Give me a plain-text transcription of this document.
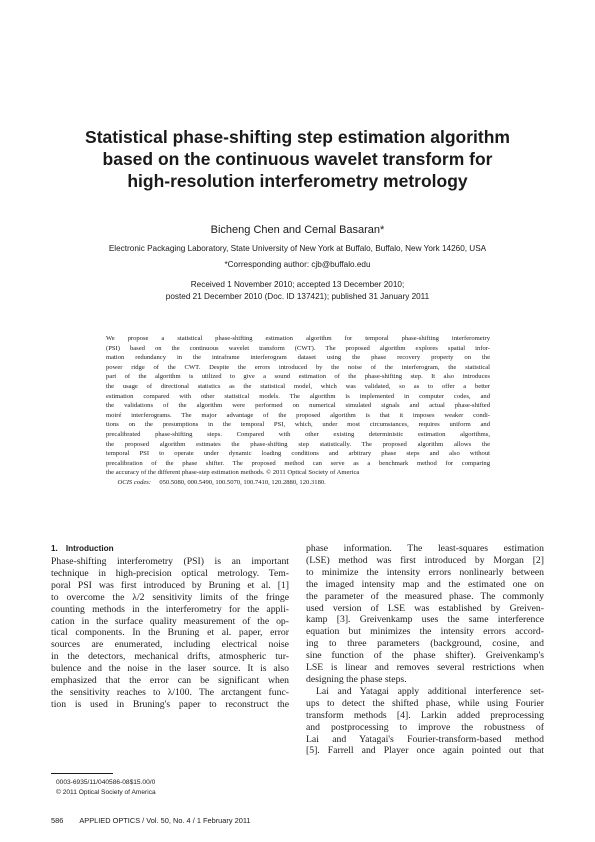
Statistical phase-shifting step estimation algorithm
based on the continuous wavelet transform for
high-resolution interferometry metrology

Bicheng Chen and Cemal Basaran*

Electronic Packaging Laboratory, State University of New York at Buffalo, Buffalo, New York 14260, USA

*Corresponding author: cjb@buffalo.edu

Received 1 November 2010; accepted 13 December 2010;
posted 21 December 2010 (Doc. ID 137421); published 31 January 2011

We propose a statistical phase-shifting estimation algorithm for temporal phase-shifting interferometry
(PSI) based on the continuous wavelet transform (CWT). The proposed algorithm explores spatial infor-
mation redundancy in the intraframe interferogram dataset using the phase recovery property on the
power ridge of the CWT. Despite the errors introduced by the noise of the interferogram, the statistical
part of the algorithm is utilized to give a sound estimation of the phase-shifting step. It also introduces
the usage of directional statistics as the statistical model, which was validated, so as to offer a better
estimation compared with other statistical models. The algorithm is implemented in computer codes, and
the validations of the algorithm were performed on numerical simulated signals and actual phase-shifted
moiré interferograms. The major advantage of the proposed algorithm is that it imposes weaker condi-
tions on the presumptions in the temporal PSI, which, under most circumstances, requires uniform and
precalibrated phase-shifting steps. Compared with other existing deterministic estimation algorithms,
the proposed algorithm estimates the phase-shifting step statistically. The proposed algorithm allows the
temporal PSI to operate under dynamic loading conditions and arbitrary phase steps and also without
precalibration of the phase shifter. The proposed method can serve as a benchmark method for comparing
the accuracy of the different phase-step estimation methods. © 2011 Optical Society of America
OCIS codes: 050.5080, 000.5490, 100.5070, 100.7410, 120.2880, 120.3180.
1. Introduction
Phase-shifting interferometry (PSI) is an important
technique in high-precision optical metrology. Tem-
poral PSI was first introduced by Bruning et al. [1]
to overcome the λ/2 sensitivity limits of the fringe
counting methods in the interferometry for the appli-
cation in the surface quality measurement of the op-
tical components. In the Bruning et al. paper, error
sources are enumerated, including electrical noise
in the detectors, mechanical drifts, atmospheric tur-
bulence and the noise in the laser source. It is also
emphasized that the error can be significant when
the sensitivity reaches to λ/100. The arctangent func-
tion is used in Bruning's paper to reconstruct the
phase information. The least-squares estimation
(LSE) method was first introduced by Morgan [2]
to minimize the intensity errors nonlinearly between
the imaged intensity map and the estimated one on
the parameter of the measured phase. The commonly
used version of LSE was established by Greiven-
kamp [3]. Greivenkamp uses the same interference
equation but minimizes the intensity errors accord-
ing to three parameters (background, cosine, and
sine function of the phase shifter). Greivenkamp's
LSE is linear and removes several restrictions when
designing the phase steps.
Lai and Yatagai apply additional interference set-
ups to detect the shifted phase, while using Fourier
transform methods [4]. Larkin added preprocessing
and postprocessing to improve the robustness of
Lai and Yatagai's Fourier-transform-based method
[5]. Farrell and Player once again pointed out that

0003-6935/11/040586-08$15.00/0
© 2011 Optical Society of America

586 APPLIED OPTICS / Vol. 50, No. 4 / 1 February 2011
